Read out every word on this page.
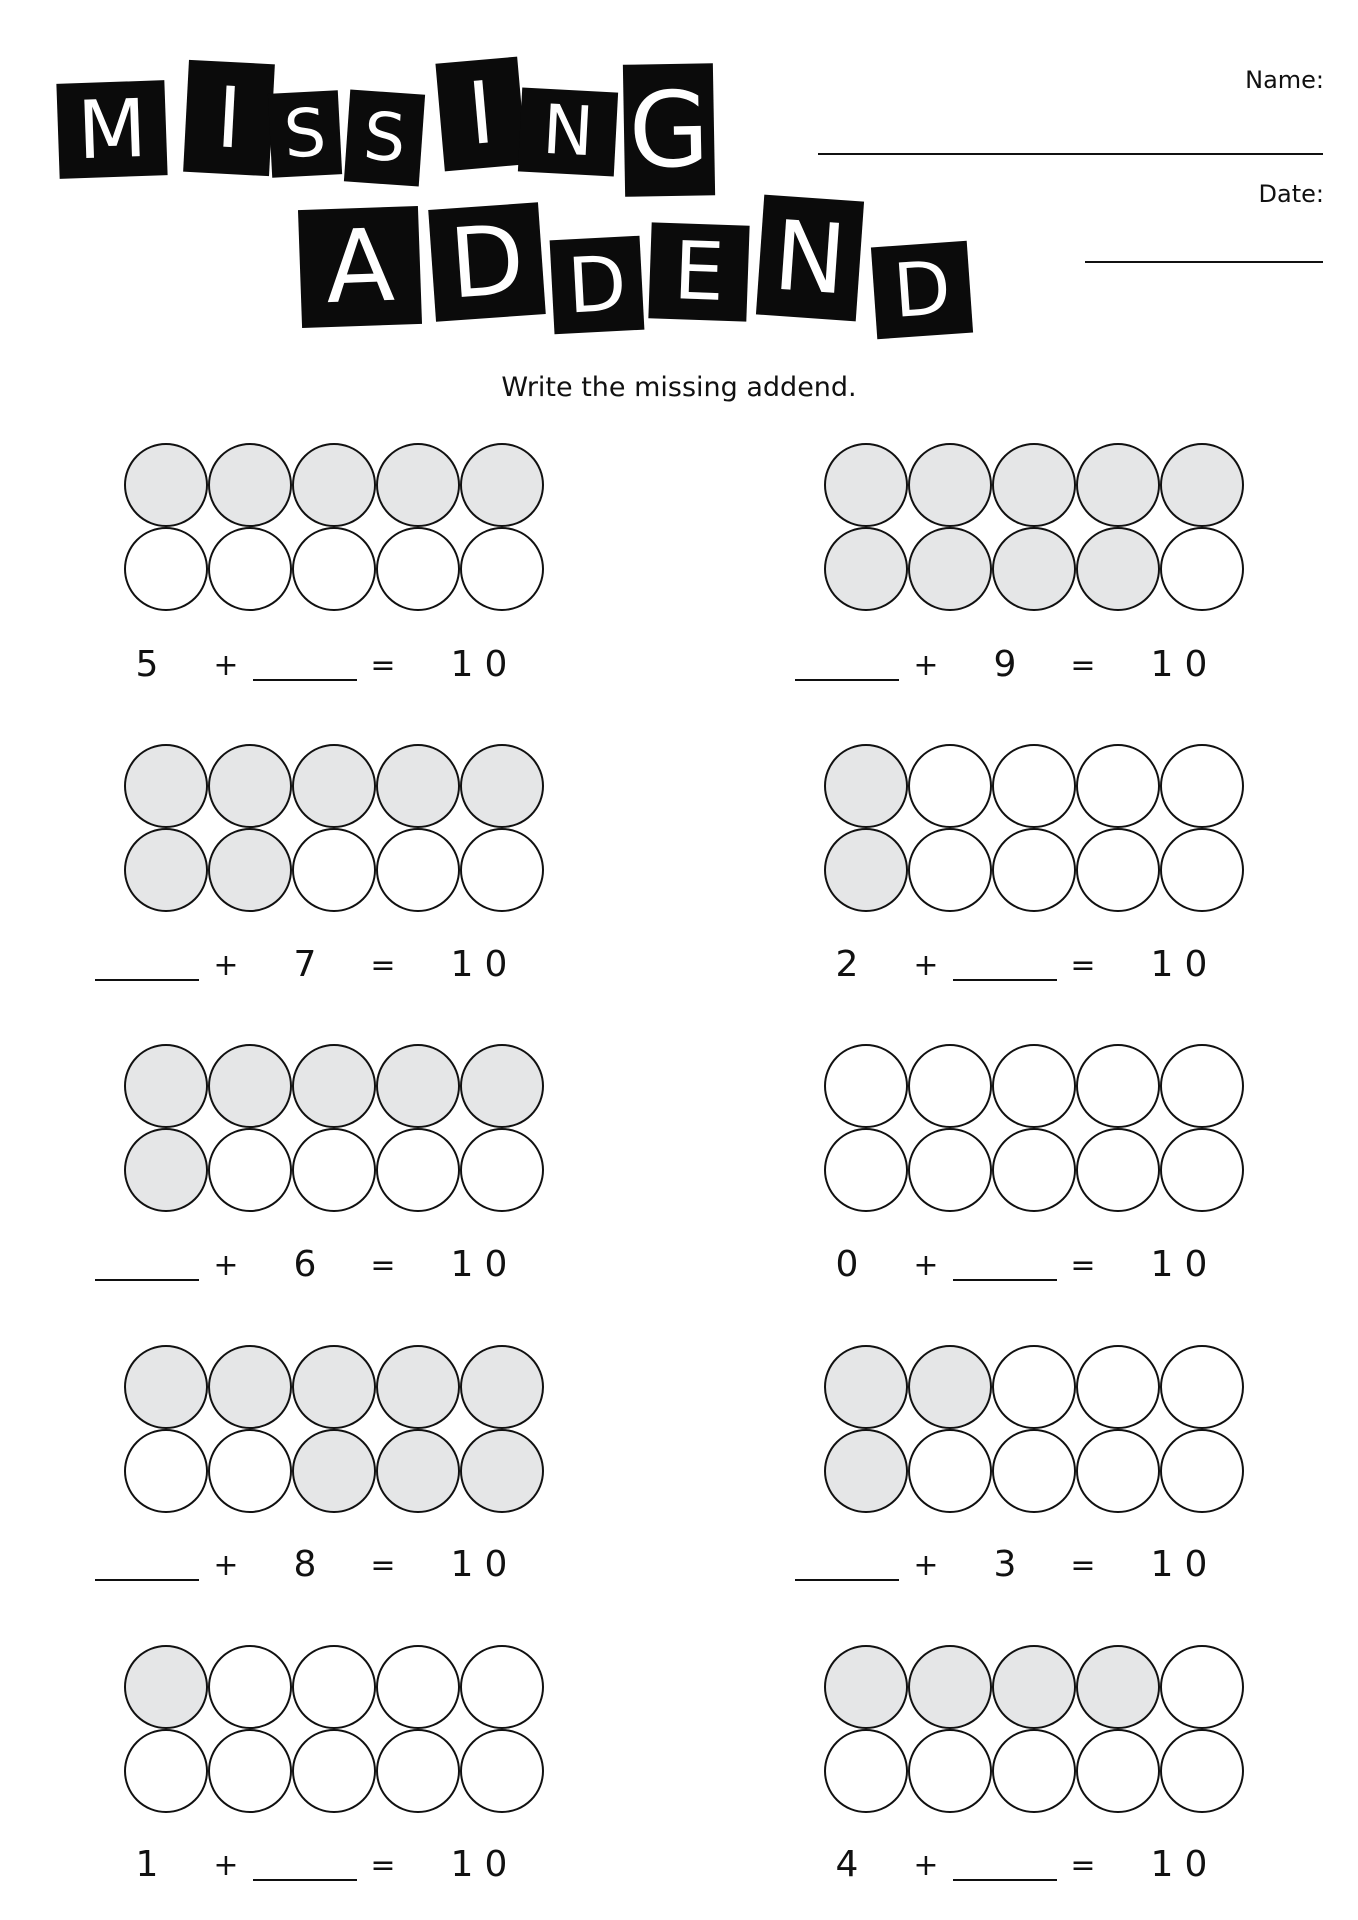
M I S S I N G
A D D E N D
Name:
Date:
Write the missing addend.
5 +	= 1 0	+ 9 = 1 0
+ 7 = 1 0	2 +	= 1 0
+ 6 = 1 0	0 +	= 1 0
+ 8 = 1 0	+ 3 = 1 0
1 +	= 1 0	4 +	= 1 0
